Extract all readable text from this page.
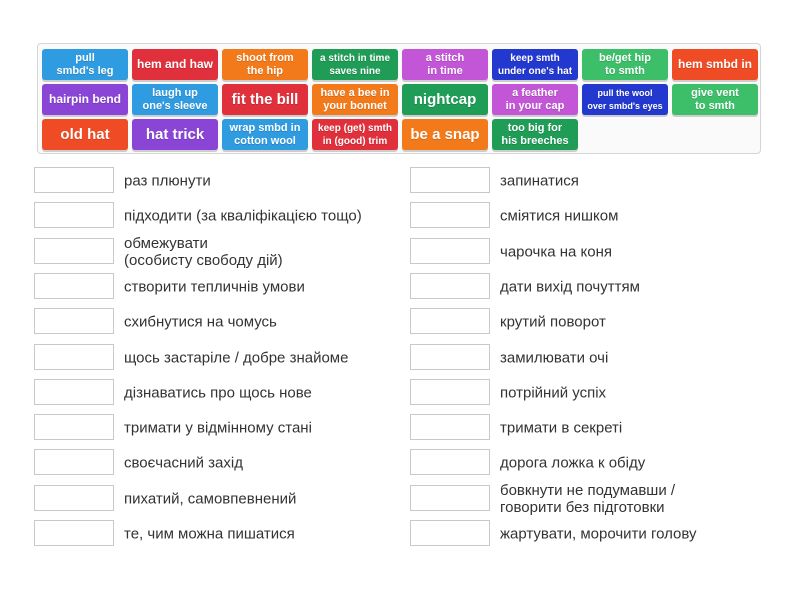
pull
smbd's leg	hem and haw	shoot from
the hip
a stitch in time
saves nine
a stitch
in time
keep smth
under one's hat
be/get hip
to smth	hem smbd in
hairpin bend	laugh up
one's sleeve	fit the bill	have a bee in
your bonnet	nightcap	a feather
in your cap
pull the wool
over smbd's eyes
give vent
to smth
old hat	hat trick	wrap smbd in
cotton wool
keep (get) smth
in (good) trim	be a snap	too big for
his breeches
раз плюнути
підходити (за кваліфікацією тощо)
обмежувати
(особисту свободу дій)
створити тепличнів умови
схибнутися на чомусь
щось застаріле / добре знайоме
дізнаватись про щось нове
тримати у відмінному стані
своєчасний захід
пихатий, самовпевнений
те, чим можна пишатися
запинатися
сміятися нишком
чарочка на коня
дати вихід почуттям
крутий поворот
замилювати очі
потрійний успіх
тримати в секреті
дорога ложка к обіду
бовкнути не подумавши /
говорити без підготовки
жартувати, морочити голову
